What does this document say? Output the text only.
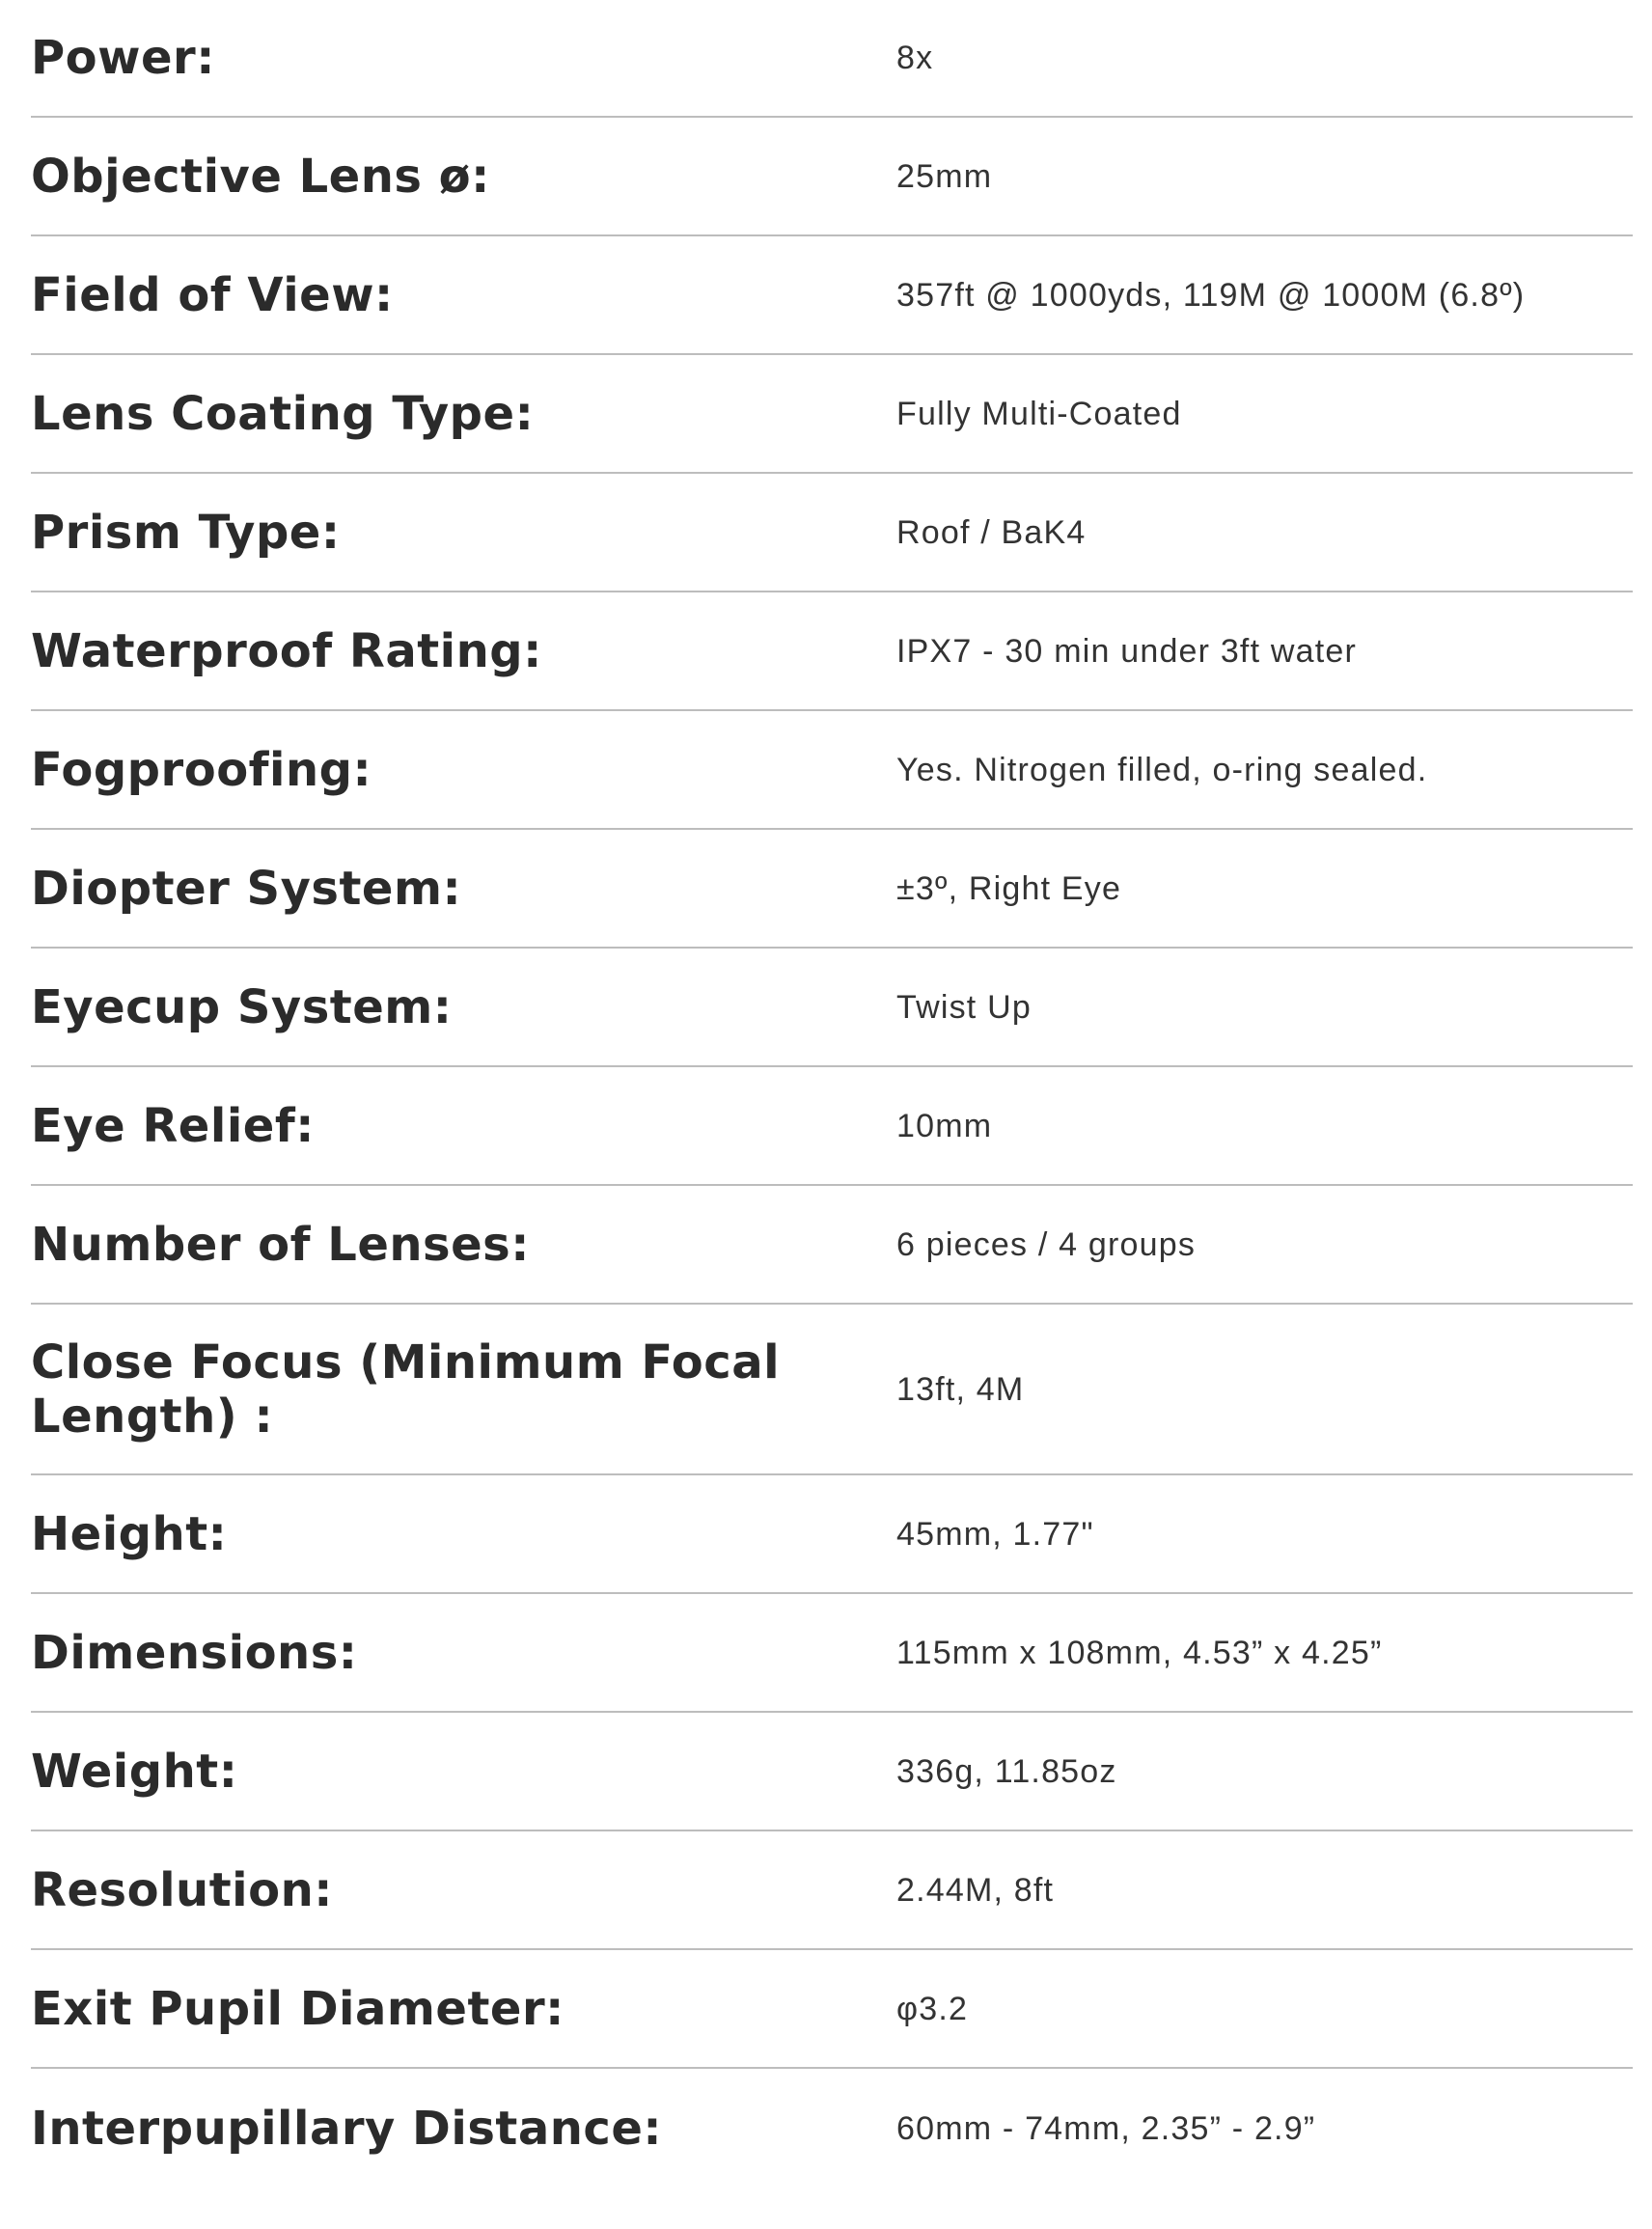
Power:	8x
Objective Lens ø:	25mm
Field of View:	357ft @ 1000yds, 119M @ 1000M (6.8º)
Lens Coating Type:	Fully Multi-Coated
Prism Type:	Roof / BaK4
Waterproof Rating:	IPX7 - 30 min under 3ft water
Fogproofing:	Yes. Nitrogen filled, o-ring sealed.
Diopter System:	±3º, Right Eye
Eyecup System:	Twist Up
Eye Relief:	10mm
Number of Lenses:	6 pieces / 4 groups
Close Focus (Minimum Focal Length) :	13ft, 4M
Height:	45mm, 1.77"
Dimensions:	115mm x 108mm, 4.53” x 4.25”
Weight:	336g, 11.85oz
Resolution:	2.44M, 8ft
Exit Pupil Diameter:	φ3.2
Interpupillary Distance:	60mm - 74mm, 2.35” - 2.9”
